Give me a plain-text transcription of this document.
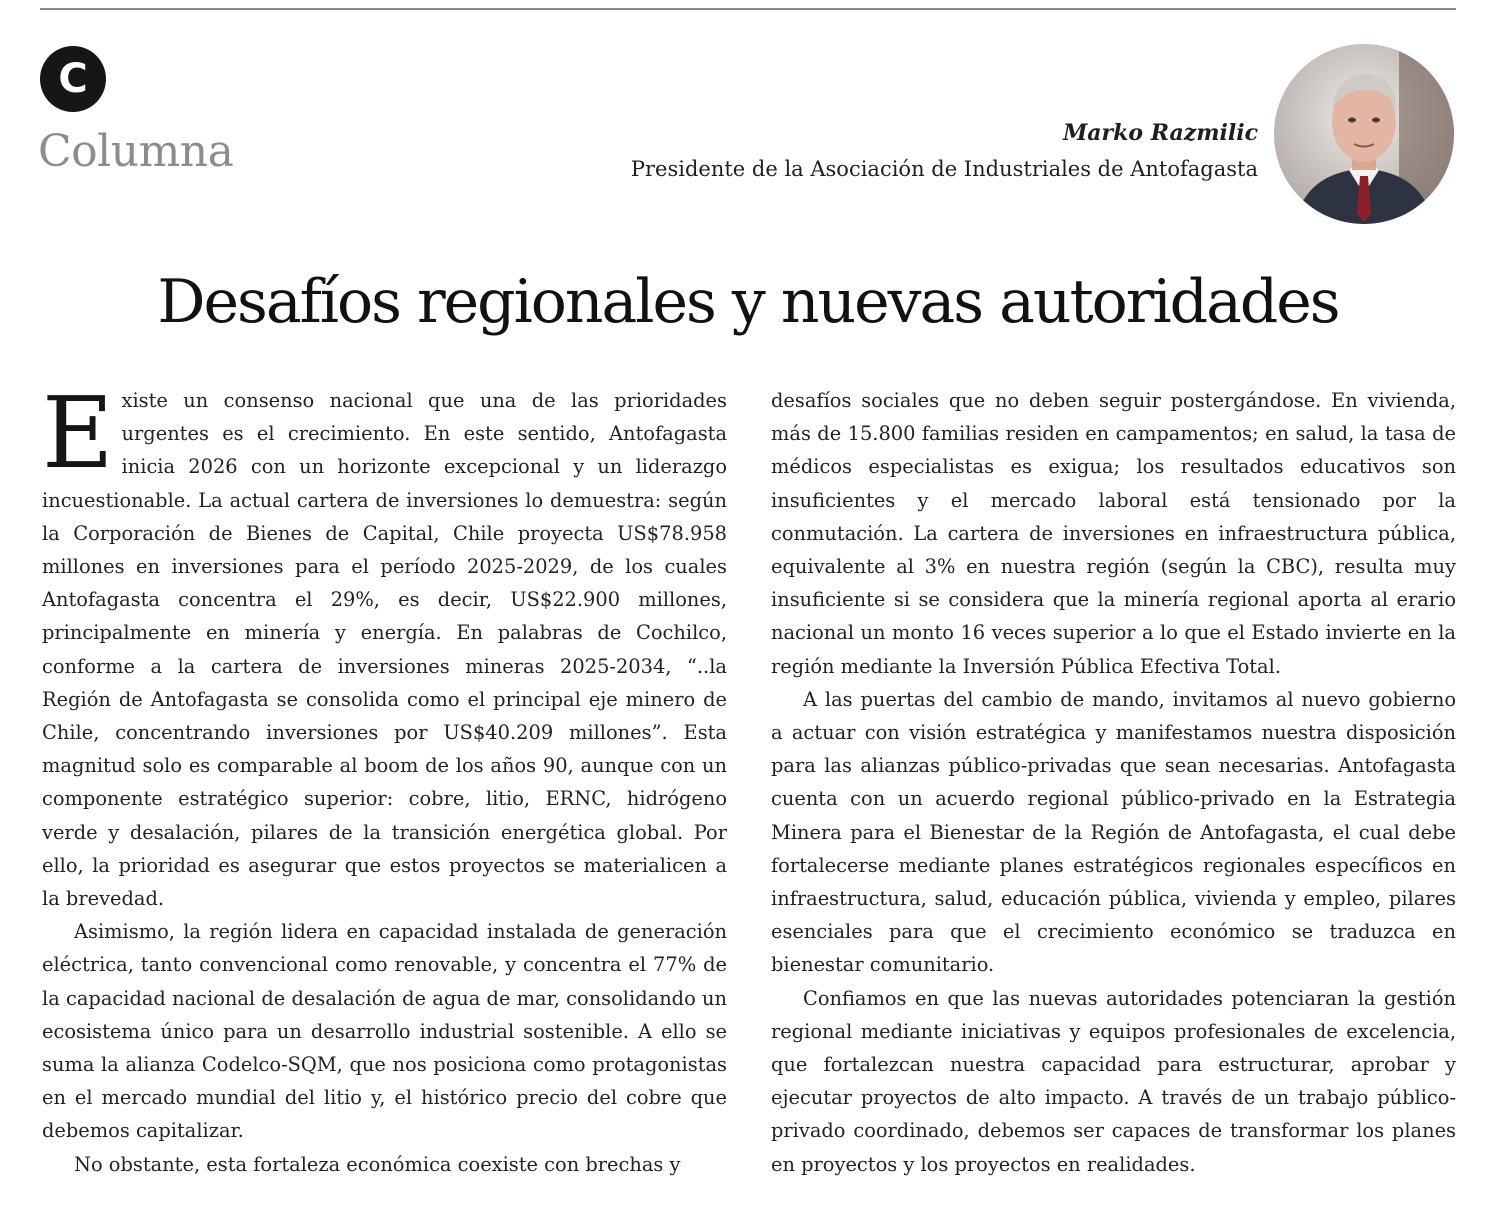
C
Columna	Marko Razmilic
Presidente de la Asociación de Industriales de Antofagasta
Desafíos regionales y nuevas autoridades

Existe un consenso nacional que una de las prioridades urgentes es el crecimiento. En este sentido, Antofagasta inicia 2026 con un horizonte excepcional y un liderazgo incuestionable. La actual cartera de inversiones lo demuestra: según la Corporación de Bienes de Capital, Chile proyecta US$78.958 millones en inversiones para el período 2025-2029, de los cuales Antofagasta concentra el 29%, es decir, US$22.900 millones, principalmente en minería y energía. En palabras de Cochilco, conforme a la cartera de inversiones mineras 2025-2034, “..la Región de Antofagasta se consolida como el principal eje minero de Chile, concentrando inversiones por US$40.209 millones”. Esta magnitud solo es comparable al boom de los años 90, aunque con un componente estratégico superior: cobre, litio, ERNC, hidrógeno verde y desalación, pilares de la transición energética global. Por ello, la prioridad es asegurar que estos proyectos se materialicen a la brevedad.

Asimismo, la región lidera en capacidad instalada de generación eléctrica, tanto convencional como renovable, y concentra el 77% de la capacidad nacional de desalación de agua de mar, consolidando un ecosistema único para un desarrollo industrial sostenible. A ello se suma la alianza Codelco-SQM, que nos posiciona como protagonistas en el mercado mundial del litio y, el histórico precio del cobre que debemos capitalizar.

No obstante, esta fortaleza económica coexiste con brechas y

desafíos sociales que no deben seguir postergándose. En vivienda, más de 15.800 familias residen en campamentos; en salud, la tasa de médicos especialistas es exigua; los resultados educativos son insuficientes y el mercado laboral está tensionado por la conmutación. La cartera de inversiones en infraestructura pública, equivalente al 3% en nuestra región (según la CBC), resulta muy insuficiente si se considera que la minería regional aporta al erario nacional un monto 16 veces superior a lo que el Estado invierte en la región mediante la Inversión Pública Efectiva Total.

A las puertas del cambio de mando, invitamos al nuevo gobierno a actuar con visión estratégica y manifestamos nuestra disposición para las alianzas público-privadas que sean necesarias. Antofagasta cuenta con un acuerdo regional público-privado en la Estrategia Minera para el Bienestar de la Región de Antofagasta, el cual debe fortalecerse mediante planes estratégicos regionales específicos en infraestructura, salud, educación pública, vivienda y empleo, pilares esenciales para que el crecimiento económico se traduzca en bienestar comunitario.

Confiamos en que las nuevas autoridades potenciaran la gestión regional mediante iniciativas y equipos profesionales de excelencia, que fortalezcan nuestra capacidad para estructurar, aprobar y ejecutar proyectos de alto impacto. A través de un trabajo público-privado coordinado, debemos ser capaces de transformar los planes en proyectos y los proyectos en realidades.
